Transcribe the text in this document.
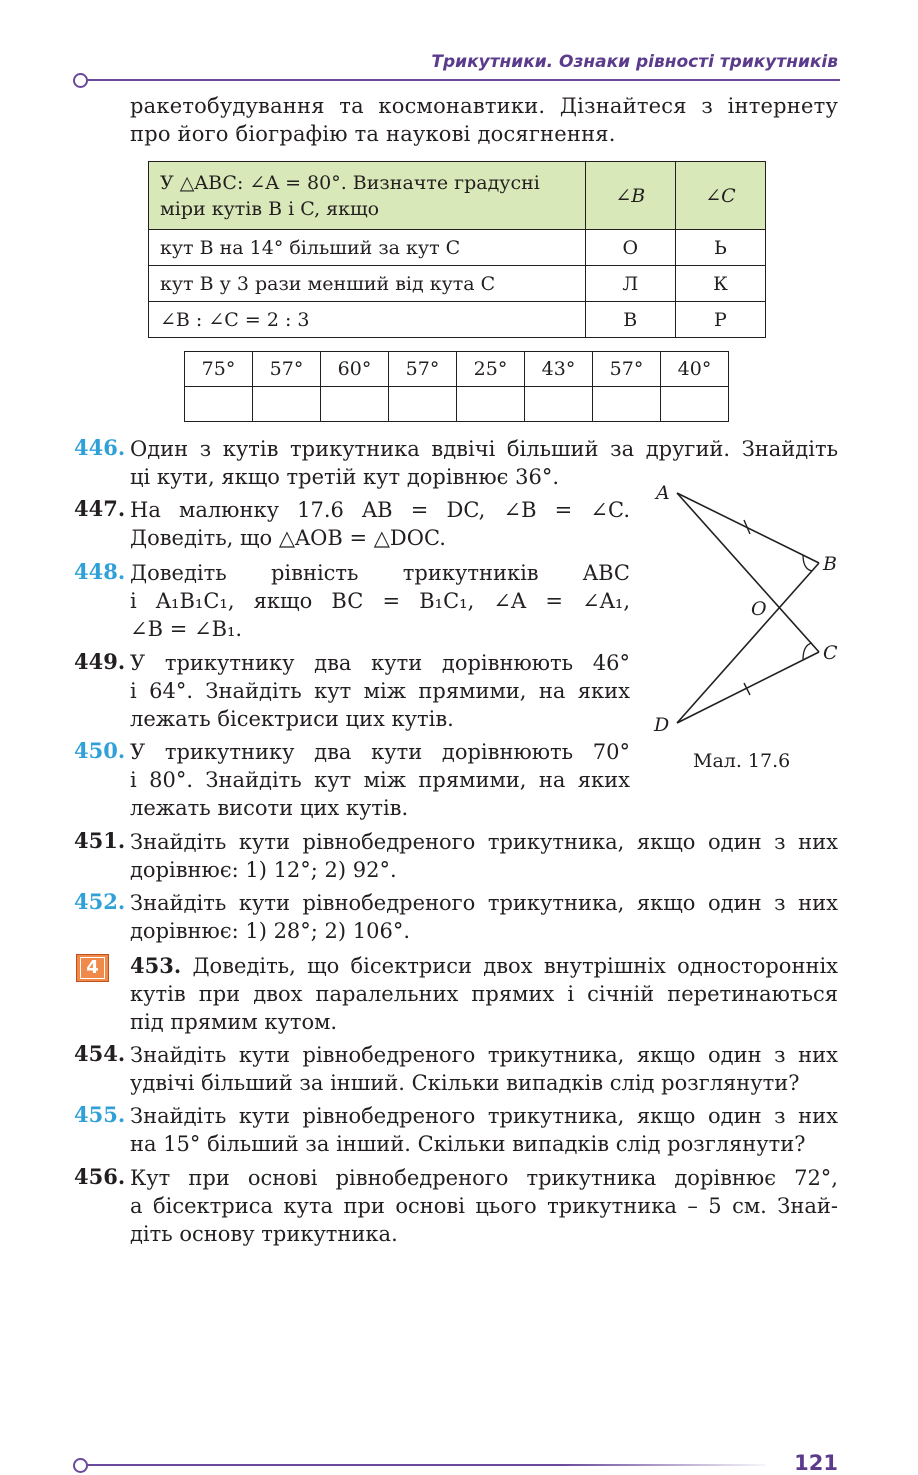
Трикутники. Ознаки рівності трикутників
ракетобудування та космонавтики. Дізнайтеся з інтернету
про його біографію та наукові досягнення.
У △ABC: ∠A = 80°. Визначте градусні міри кутів B і C, якщо	∠B	∠C
кут B на 14° більший за кут C	О	Ь
кут B у 3 рази менший від кута C	Л	К
∠B : ∠C = 2 : 3	В	Р
75°	57°	60°	57°	25°	43°	57°	40°

446. Один з кутів трикутника вдвічі більший за другий. Знайдіть
ці кути, якщо третій кут дорівнює 36°.
447. На малюнку 17.6 AB = DC, ∠B = ∠C.
Доведіть, що △AOB = △DOC.
448. Доведіть рівність трикутників ABC
і A₁B₁C₁, якщо BC = B₁C₁, ∠A = ∠A₁,
∠B = ∠B₁.
449. У трикутнику два кути дорівнюють 46°
і 64°. Знайдіть кут між прямими, на яких
лежать бісектриси цих кутів.
450. У трикутнику два кути дорівнюють 70°
і 80°. Знайдіть кут між прямими, на яких
лежать висоти цих кутів.
A
B
O
C
D
Мал. 17.6
451. Знайдіть кути рівнобедреного трикутника, якщо один з них
дорівнює: 1) 12°; 2) 92°.
452. Знайдіть кути рівнобедреного трикутника, якщо один з них
дорівнює: 1) 28°; 2) 106°.
4 453. Доведіть, що бісектриси двох внутрішніх односторонніх
кутів при двох паралельних прямих і січній перетинаються
під прямим кутом.
454. Знайдіть кути рівнобедреного трикутника, якщо один з них
удвічі більший за інший. Скільки випадків слід розглянути?
455. Знайдіть кути рівнобедреного трикутника, якщо один з них
на 15° більший за інший. Скільки випадків слід розглянути?
456. Кут при основі рівнобедреного трикутника дорівнює 72°,
а бісектриса кута при основі цього трикутника – 5 см. Знай-
діть основу трикутника.
121
